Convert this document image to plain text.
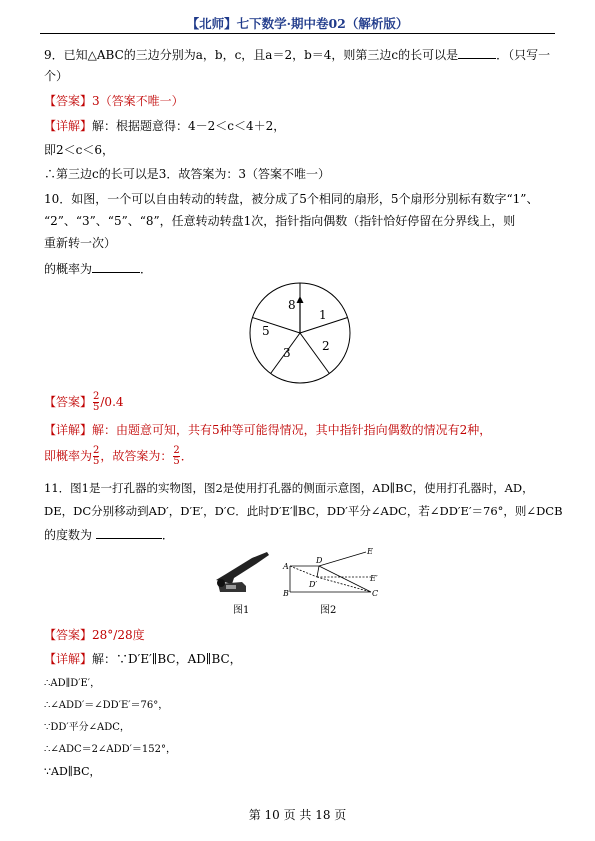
【北师】七下数学·期中卷02（解析版）
9．已知△ABC的三边分别为a，b，c，且a＝2，b＝4，则第三边c的长可以是	．（只写一
个）
【答案】3（答案不唯一）
【详解】解：根据题意得：4－2＜c＜4＋2，
即2＜c＜6，
∴第三边c的长可以是3．故答案为：3（答案不唯一）
10．如图，一个可以自由转动的转盘，被分成了5个相同的扇形，5个扇形分别标有数字“1”、
“2”、“3”、“5”、“8”，任意转动转盘1次，指针指向偶数（指针恰好停留在分界线上，则
重新转一次）
的概率为	．
8
1
2
3
5
【答案】 $\frac{2}{5} /0.4$
【详解】解：由题意可知，共有5种等可能得情况，其中指针指向偶数的情况有2种，
即概率为 $\frac{2}{5}$ ，故答案为： $\frac{2}{5}$ ．
11．图1是一打孔器的实物图，图2是使用打孔器的侧面示意图，AD∥BC，使用打孔器时，AD，
DE，DC分别移动到AD′，D′E′，D′C．此时D′E′∥BC，DD′平分∠ADC，若∠DD′E′＝76°，则∠DCB
的度数为	．
图1
A
B	C
D
D′
E
E′
图2
【答案】28°/28度
【详解】解：∵D′E′∥BC，AD∥BC，
∴AD∥D′E′，
∴∠ADD′＝∠DD′E′＝76°，
∵DD′平分∠ADC，
∴∠ADC＝2∠ADD′＝152°，
∵AD∥BC，
第 10 页 共 18 页
